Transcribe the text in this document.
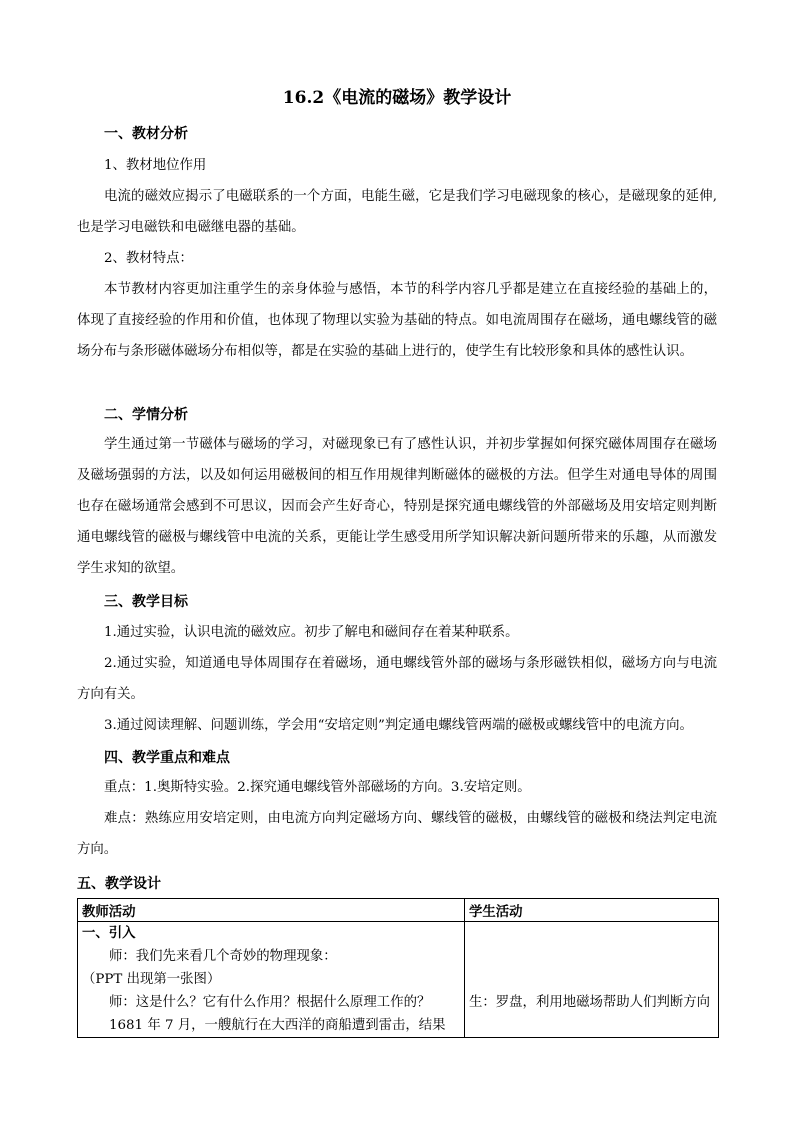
16.2《电流的磁场》教学设计
一、教材分析
1、教材地位作用
电流的磁效应揭示了电磁联系的一个方面，电能生磁，它是我们学习电磁现象的核心，是磁现象的延伸,也是学习电磁铁和电磁继电器的基础。
2、教材特点：
本节教材内容更加注重学生的亲身体验与感悟，本节的科学内容几乎都是建立在直接经验的基础上的，体现了直接经验的作用和价值，也体现了物理以实验为基础的特点。如电流周围存在磁场，通电螺线管的磁场分布与条形磁体磁场分布相似等，都是在实验的基础上进行的，使学生有比较形象和具体的感性认识。
二、学情分析
学生通过第一节磁体与磁场的学习，对磁现象已有了感性认识，并初步掌握如何探究磁体周围存在磁场及磁场强弱的方法，以及如何运用磁极间的相互作用规律判断磁体的磁极的方法。但学生对通电导体的周围也存在磁场通常会感到不可思议，因而会产生好奇心，特别是探究通电螺线管的外部磁场及用安培定则判断通电螺线管的磁极与螺线管中电流的关系，更能让学生感受用所学知识解决新问题所带来的乐趣，从而激发学生求知的欲望。
三、教学目标
1.通过实验，认识电流的磁效应。初步了解电和磁间存在着某种联系。
2.通过实验，知道通电导体周围存在着磁场，通电螺线管外部的磁场与条形磁铁相似，磁场方向与电流方向有关。
3.通过阅读理解、问题训练，学会用“安培定则”判定通电螺线管两端的磁极或螺线管中的电流方向。
四、教学重点和难点
重点：1.奥斯特实验。2.探究通电螺线管外部磁场的方向。3.安培定则。
难点：熟练应用安培定则，由电流方向判定磁场方向、螺线管的磁极，由螺线管的磁极和绕法判定电流方向。
五、教学设计
教师活动	学生活动

一、引入
师：我们先来看几个奇妙的物理现象：
（PPT 出现第一张图）
师：这是什么？它有什么作用？根据什么原理工作的？
1681 年 7 月，一艘航行在大西洋的商船遭到雷击，结果	生：罗盘，利用地磁场帮助人们判断方向
